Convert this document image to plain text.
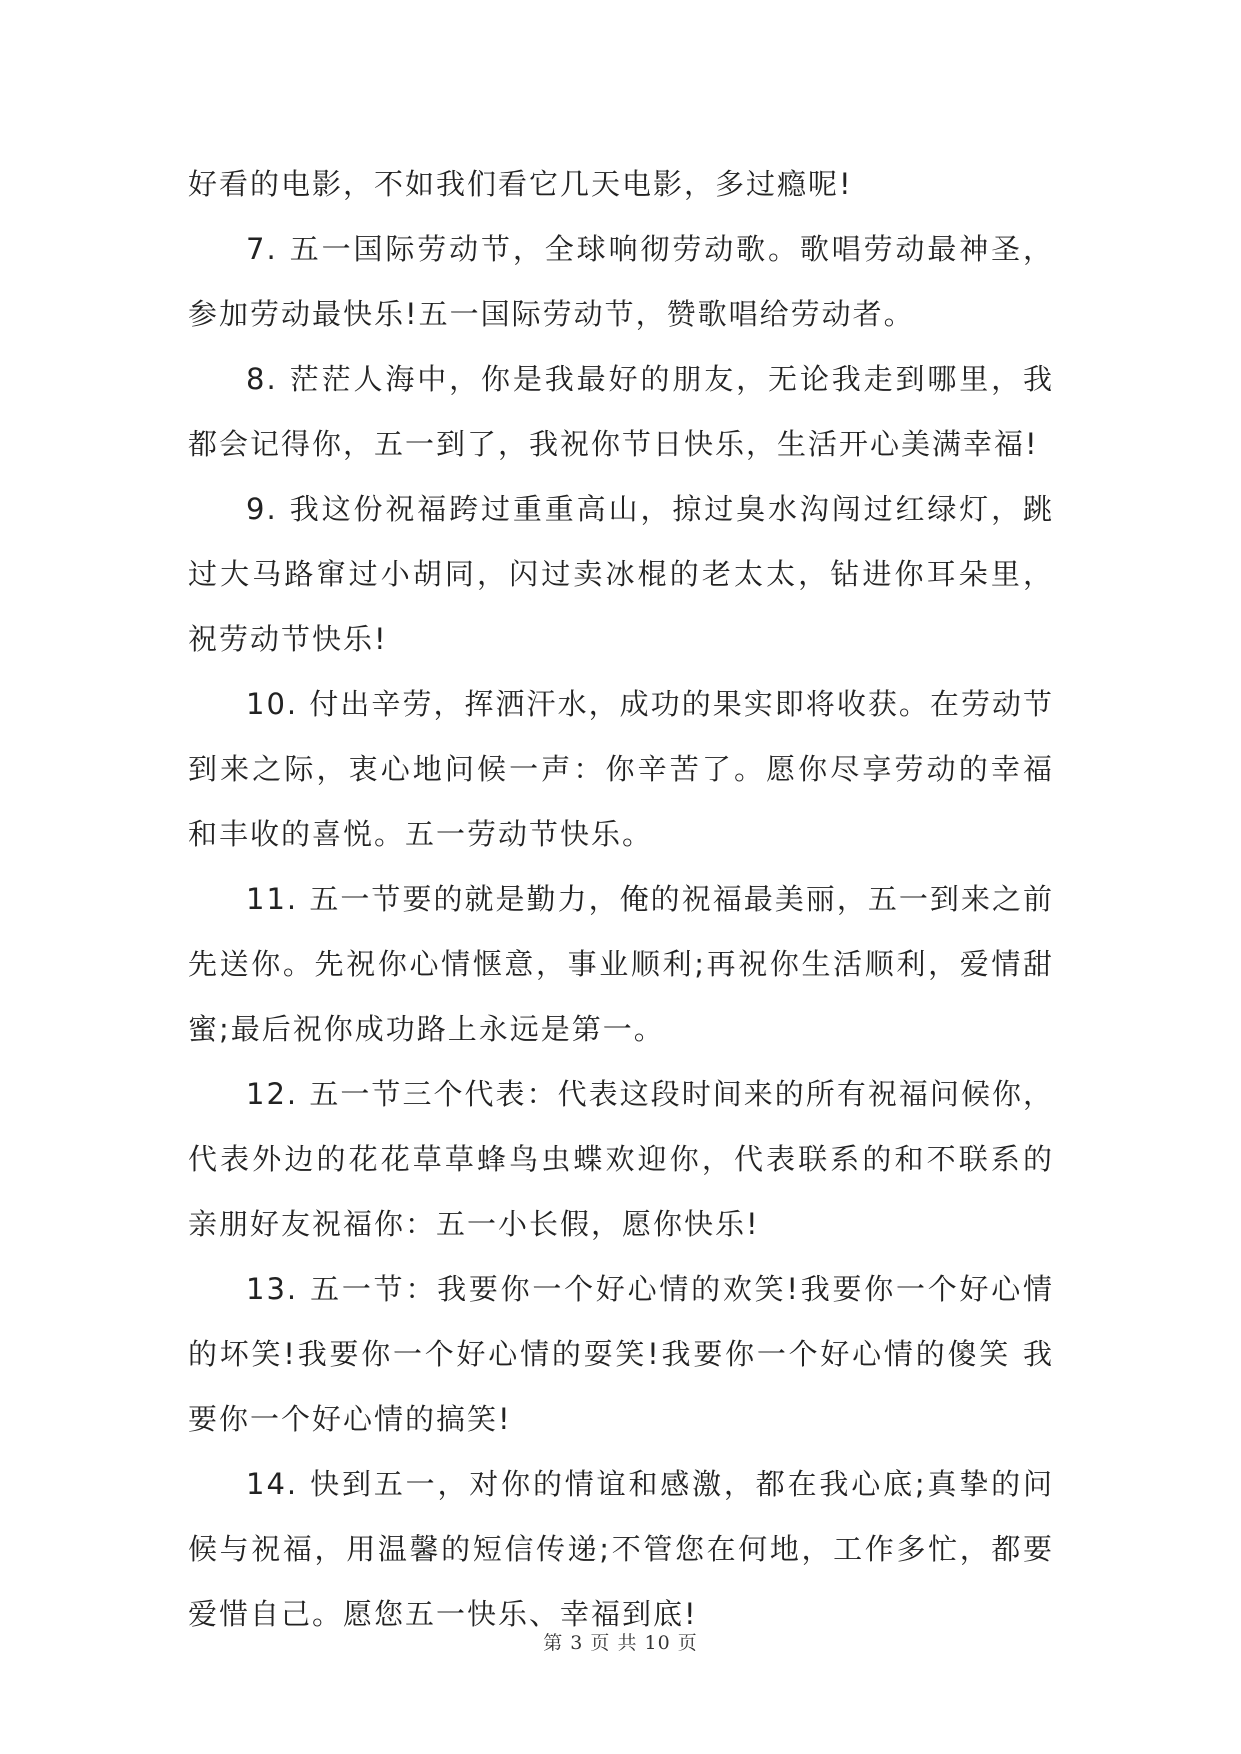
好看的电影，不如我们看它几天电影，多过瘾呢!

7. 五一国际劳动节，全球响彻劳动歌。歌唱劳动最神圣，参加劳动最快乐!五一国际劳动节，赞歌唱给劳动者。

8. 茫茫人海中，你是我最好的朋友，无论我走到哪里，我都会记得你，五一到了，我祝你节日快乐，生活开心美满幸福!

9. 我这份祝福跨过重重高山，掠过臭水沟闯过红绿灯，跳过大马路窜过小胡同，闪过卖冰棍的老太太，钻进你耳朵里，祝劳动节快乐!

10. 付出辛劳，挥洒汗水，成功的果实即将收获。在劳动节到来之际，衷心地问候一声：你辛苦了。愿你尽享劳动的幸福和丰收的喜悦。五一劳动节快乐。

11. 五一节要的就是勤力，俺的祝福最美丽，五一到来之前先送你。先祝你心情惬意，事业顺利;再祝你生活顺利，爱情甜蜜;最后祝你成功路上永远是第一。

12. 五一节三个代表：代表这段时间来的所有祝福问候你，代表外边的花花草草蜂鸟虫蝶欢迎你，代表联系的和不联系的亲朋好友祝福你：五一小长假，愿你快乐!

13. 五一节：我要你一个好心情的欢笑!我要你一个好心情的坏笑!我要你一个好心情的耍笑!我要你一个好心情的傻笑 我要你一个好心情的搞笑!

14. 快到五一，对你的情谊和感激，都在我心底;真挚的问候与祝福，用温馨的短信传递;不管您在何地，工作多忙，都要爱惜自己。愿您五一快乐、幸福到底!

第 3 页 共 10 页
